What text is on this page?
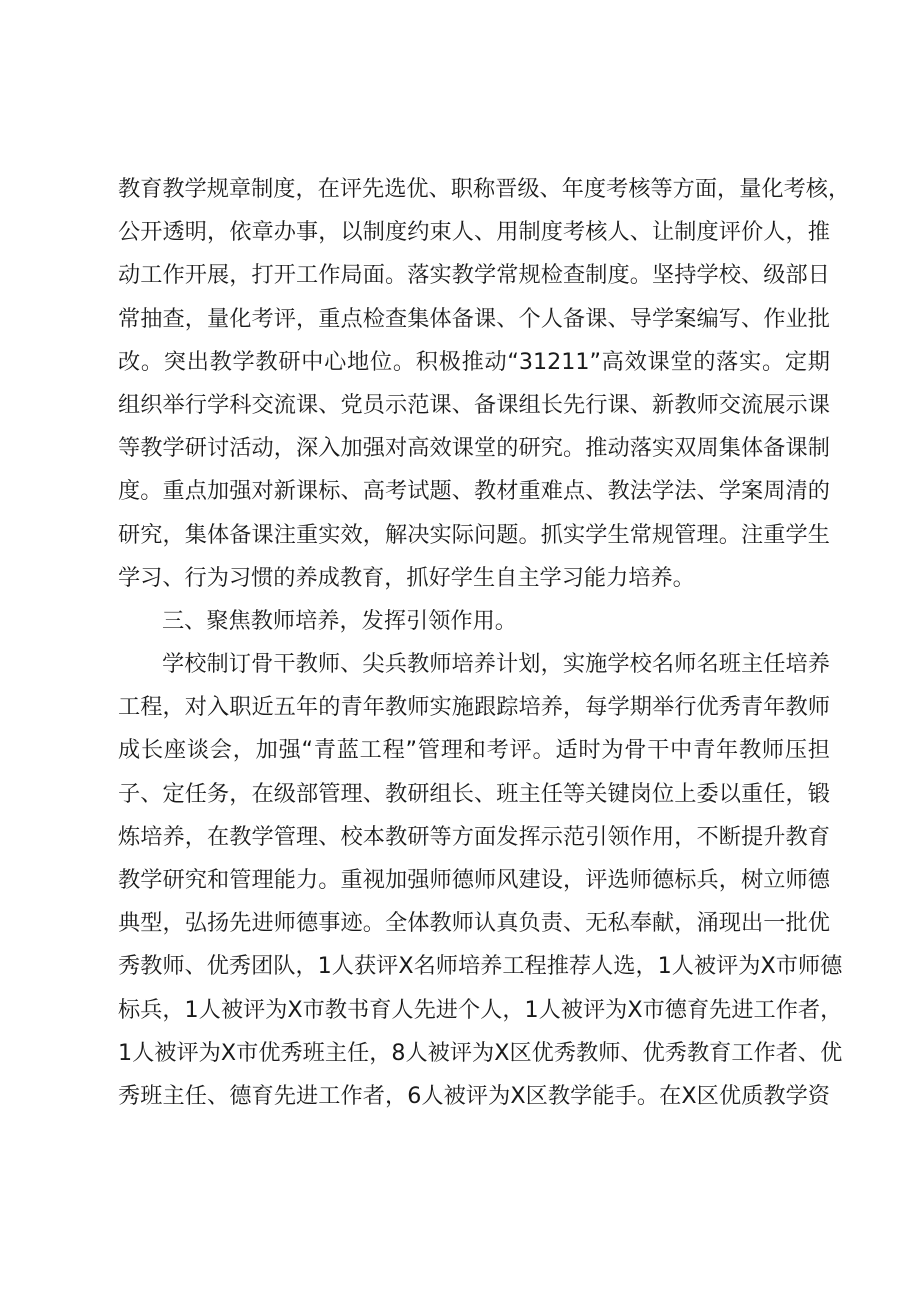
教育教学规章制度，在评先选优、职称晋级、年度考核等方面，量化考核，
公开透明，依章办事，以制度约束人、用制度考核人、让制度评价人，推
动工作开展，打开工作局面。落实教学常规检查制度。坚持学校、级部日
常抽查，量化考评，重点检查集体备课、个人备课、导学案编写、作业批
改。突出教学教研中心地位。积极推动“31211”高效课堂的落实。定期
组织举行学科交流课、党员示范课、备课组长先行课、新教师交流展示课
等教学研讨活动，深入加强对高效课堂的研究。推动落实双周集体备课制
度。重点加强对新课标、高考试题、教材重难点、教法学法、学案周清的
研究，集体备课注重实效，解决实际问题。抓实学生常规管理。注重学生
学习、行为习惯的养成教育，抓好学生自主学习能力培养。
三、聚焦教师培养，发挥引领作用。
学校制订骨干教师、尖兵教师培养计划，实施学校名师名班主任培养
工程，对入职近五年的青年教师实施跟踪培养，每学期举行优秀青年教师
成长座谈会，加强“青蓝工程”管理和考评。适时为骨干中青年教师压担
子、定任务，在级部管理、教研组长、班主任等关键岗位上委以重任，锻
炼培养，在教学管理、校本教研等方面发挥示范引领作用，不断提升教育
教学研究和管理能力。重视加强师德师风建设，评选师德标兵，树立师德
典型，弘扬先进师德事迹。全体教师认真负责、无私奉献，涌现出一批优
秀教师、优秀团队，1人获评X名师培养工程推荐人选，1人被评为X市师德
标兵，1人被评为X市教书育人先进个人，1人被评为X市德育先进工作者，
1人被评为X市优秀班主任，8人被评为X区优秀教师、优秀教育工作者、优
秀班主任、德育先进工作者，6人被评为X区教学能手。在X区优质教学资
